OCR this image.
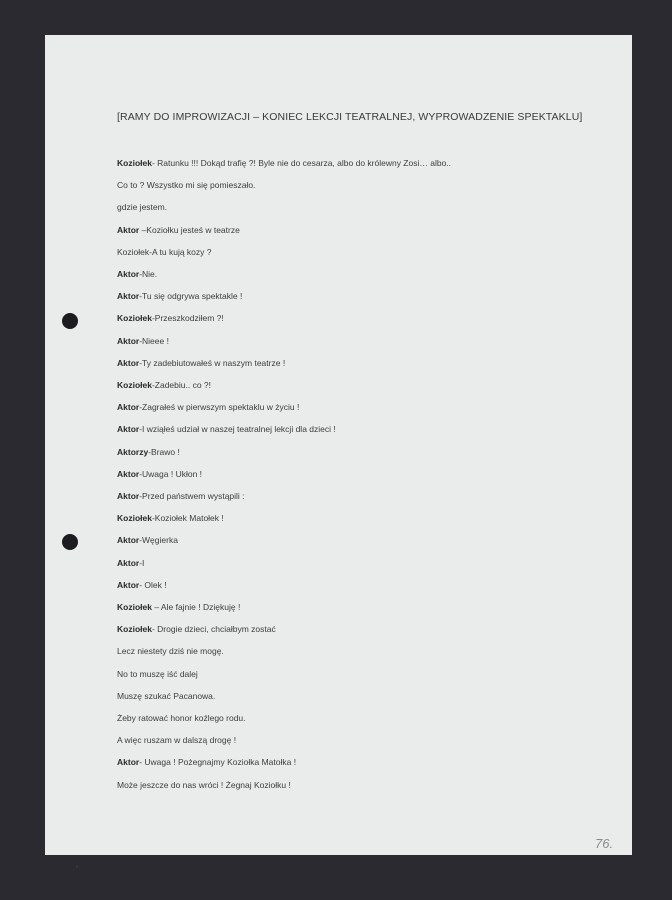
[RAMY DO IMPROWIZACJI – KONIEC LEKCJI TEATRALNEJ, WYPROWADZENIE SPEKTAKLU]
Koziołek- Ratunku !!! Dokąd trafię ?! Byle nie do cesarza, albo do królewny Zosi… albo..
Co to ? Wszystko mi się pomieszało.
gdzie jestem.
Aktor –Koziołku jesteś w teatrze
Koziołek-A tu kują kozy ?
Aktor-Nie.
Aktor-Tu się odgrywa spektakle !
Koziołek-Przeszkodziłem ?!
Aktor-Nieee !
Aktor-Ty zadebiutowałeś w naszym teatrze !
Koziołek-Zadebiu.. co ?!
Aktor-Zagrałeś w pierwszym spektaklu w życiu !
Aktor-I wziąłeś udział w naszej teatralnej lekcji dla dzieci !
Aktorzy-Brawo !
Aktor-Uwaga ! Ukłon !
Aktor-Przed państwem wystąpili :
Koziołek-Koziołek Matołek !
Aktor-Węgierka
Aktor-I
Aktor- Olek !
Koziołek – Ale fajnie ! Dziękuję !
Koziołek- Drogie dzieci, chciałbym zostać
Lecz niestety dziś nie mogę.
No to muszę iść dalej
Muszę szukać Pacanowa.
Żeby ratować honor koźlego rodu.
A więc ruszam w dalszą drogę !
Aktor- Uwaga ! Pożegnajmy Koziołka Matołka !
Może jeszcze do nas wróci ! Żegnaj Koziołku !
76.
’
